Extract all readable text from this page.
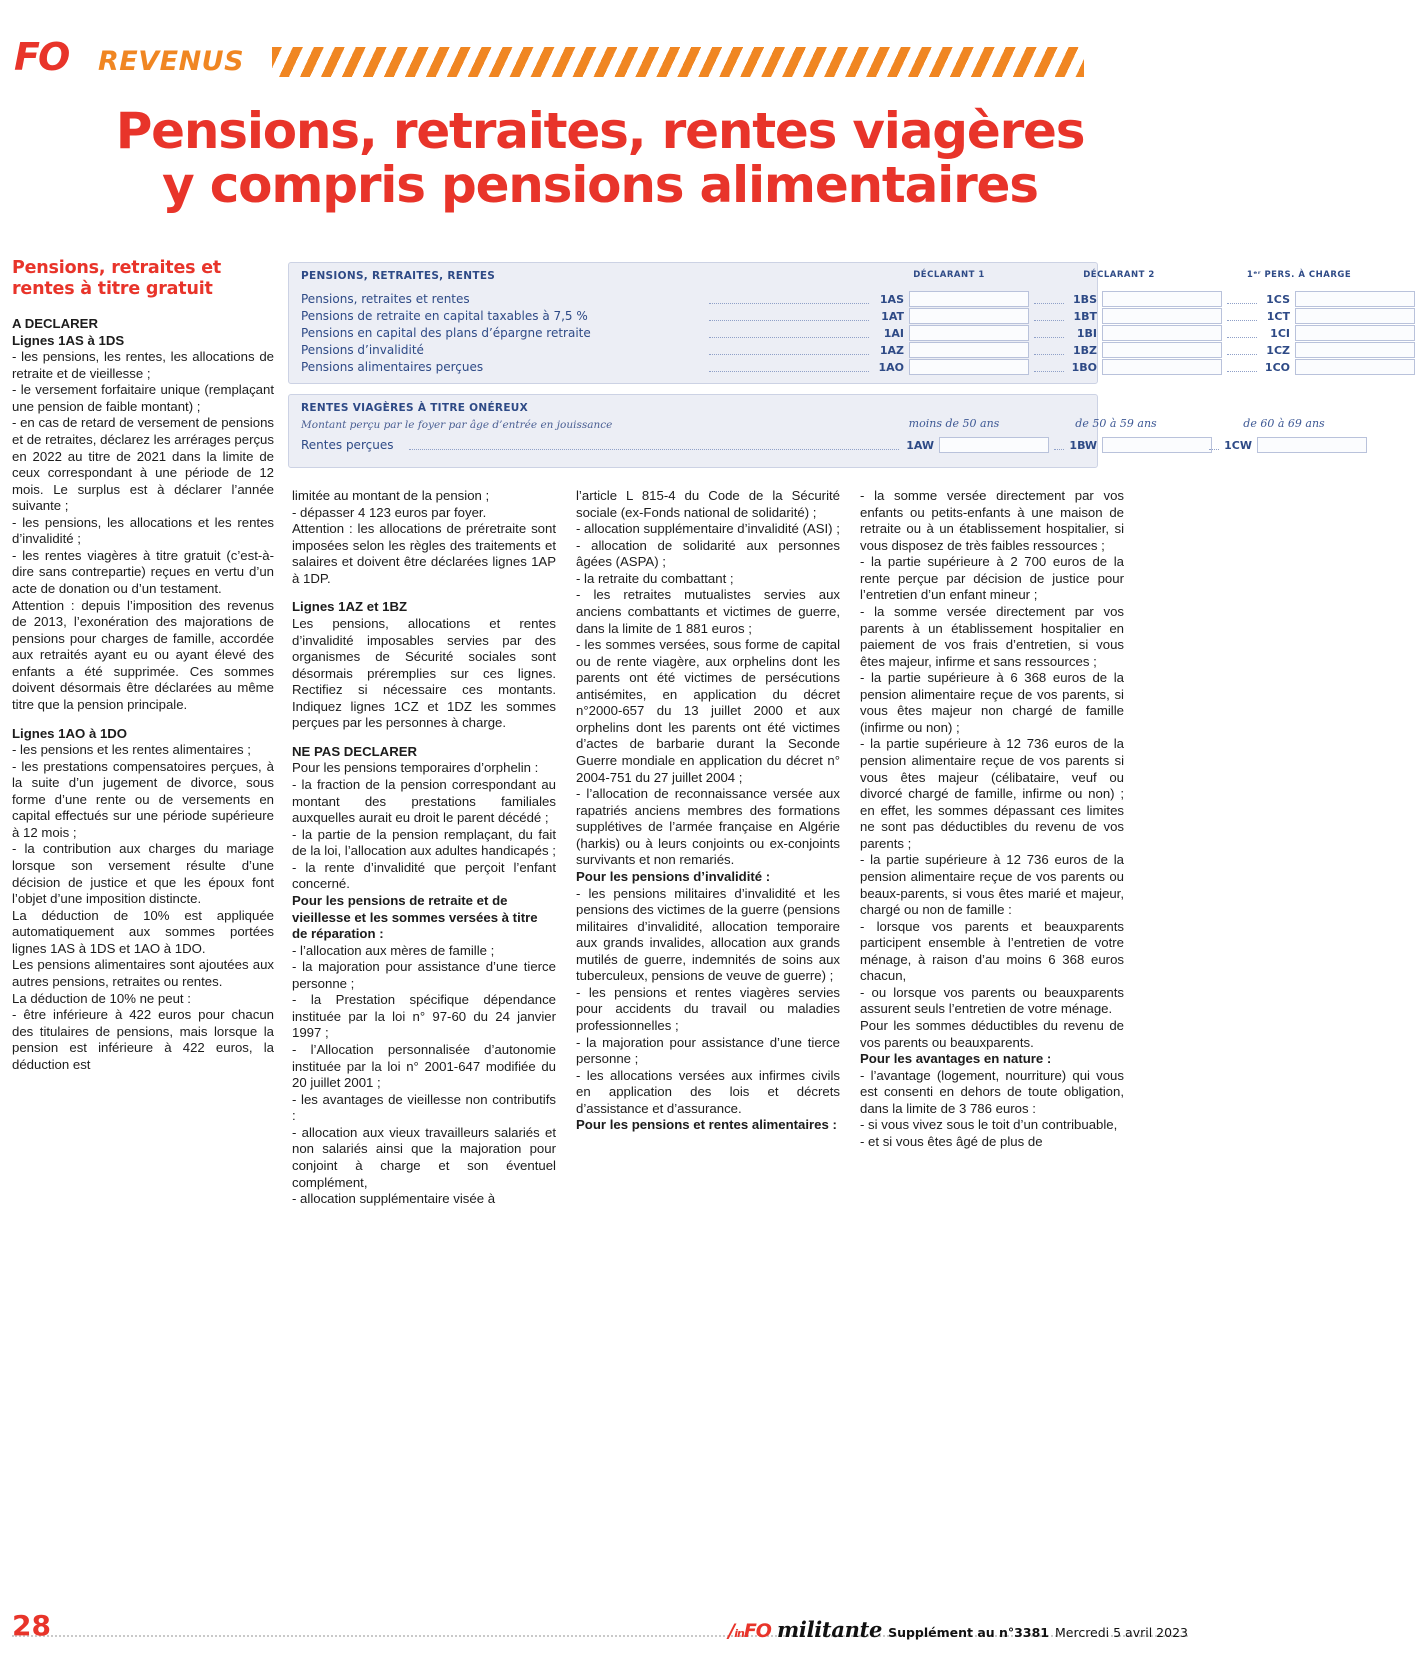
FO REVENUS
Pensions, retraites, rentes viagères
y compris pensions alimentaires
Pensions, retraites et
rentes à titre gratuit
PENSIONS, RETRAITES, RENTES	DÉCLARANT 1	DÉCLARANT 2	1ᵉʳ PERS. À CHARGE
Pensions, retraites et rentes	1AS	1BS	1CS
Pensions de retraite en capital taxables à 7,5 %	1AT	1BT	1CT
Pensions en capital des plans d’épargne retraite	1AI	1BI	1CI
Pensions d’invalidité	1AZ	1BZ	1CZ
Pensions alimentaires perçues	1AO	1BO	1CO
RENTES VIAGÈRES À TITRE ONÉREUX
Montant perçu par le foyer par âge d’entrée en jouissance	moins de 50 ans	de 50 à 59 ans	de 60 à 69 ans
Rentes perçues	1AW	1BW	1CW

A DECLARER

Lignes 1AS à 1DS

- les pensions, les rentes, les allocations de retraite et de vieillesse ;

- le versement forfaitaire unique (remplaçant une pension de faible montant) ;

- en cas de retard de versement de pensions et de retraites, déclarez les arrérages perçus en 2022 au titre de 2021 dans la limite de ceux correspondant à une période de 12 mois. Le surplus est à déclarer l’année suivante ;

- les pensions, les allocations et les rentes d’invalidité ;

- les rentes viagères à titre gratuit (c’est-à-dire sans contrepartie) reçues en vertu d’un acte de donation ou d’un testament.

Attention : depuis l’imposition des revenus de 2013, l’exonération des majorations de pensions pour charges de famille, accordée aux retraités ayant eu ou ayant élevé des enfants a été supprimée. Ces sommes doivent désormais être déclarées au même titre que la pension principale.

Lignes 1AO à 1DO

- les pensions et les rentes alimentaires ;

- les prestations compensatoires perçues, à la suite d’un jugement de divorce, sous forme d’une rente ou de versements en capital effectués sur une période supérieure à 12 mois ;

- la contribution aux charges du mariage lorsque son versement résulte d’une décision de justice et que les époux font l’objet d’une imposition distincte.

La déduction de 10% est appliquée automatiquement aux sommes portées lignes 1AS à 1DS et 1AO à 1DO.

Les pensions alimentaires sont ajoutées aux autres pensions, retraites ou rentes.

La déduction de 10% ne peut :

- être inférieure à 422 euros pour chacun des titulaires de pensions, mais lorsque la pension est inférieure à 422 euros, la déduction est

limitée au montant de la pension ;

- dépasser 4 123 euros par foyer.

Attention : les allocations de préretraite sont imposées selon les règles des traitements et salaires et doivent être déclarées lignes 1AP à 1DP.

Lignes 1AZ et 1BZ

Les pensions, allocations et rentes d’invalidité imposables servies par des organismes de Sécurité sociales sont désormais préremplies sur ces lignes. Rectifiez si nécessaire ces montants. Indiquez lignes 1CZ et 1DZ les sommes perçues par les personnes à charge.

NE PAS DECLARER

Pour les pensions temporaires d’orphelin :

- la fraction de la pension correspondant au montant des prestations familiales auxquelles aurait eu droit le parent décédé ;

- la partie de la pension remplaçant, du fait de la loi, l’allocation aux adultes handicapés ;

- la rente d’invalidité que perçoit l’enfant concerné.

Pour les pensions de retraite et de vieillesse et les sommes versées à titre de réparation :

- l’allocation aux mères de famille ;

- la majoration pour assistance d’une tierce personne ;

- la Prestation spécifique dépendance instituée par la loi n° 97-60 du 24 janvier 1997 ;

- l’Allocation personnalisée d’autonomie instituée par la loi n° 2001-647 modifiée du 20 juillet 2001 ;

- les avantages de vieillesse non contributifs :

- allocation aux vieux travailleurs salariés et non salariés ainsi que la majoration pour conjoint à charge et son éventuel complément,

- allocation supplémentaire visée à

l’article L 815-4 du Code de la Sécurité sociale (ex-Fonds national de solidarité) ;

- allocation supplémentaire d’invalidité (ASI) ;

- allocation de solidarité aux personnes âgées (ASPA) ;

- la retraite du combattant ;

- les retraites mutualistes servies aux anciens combattants et victimes de guerre, dans la limite de 1 881 euros ;

- les sommes versées, sous forme de capital ou de rente viagère, aux orphelins dont les parents ont été victimes de persécutions antisémites, en application du décret n°2000-657 du 13 juillet 2000 et aux orphelins dont les parents ont été victimes d’actes de barbarie durant la Seconde Guerre mondiale en application du décret n° 2004-751 du 27 juillet 2004 ;

- l’allocation de reconnaissance versée aux rapatriés anciens membres des formations supplétives de l’armée française en Algérie (harkis) ou à leurs conjoints ou ex-conjoints survivants et non remariés.

Pour les pensions d’invalidité :

- les pensions militaires d’invalidité et les pensions des victimes de la guerre (pensions militaires d’invalidité, allocation temporaire aux grands invalides, allocation aux grands mutilés de guerre, indemnités de soins aux tuberculeux, pensions de veuve de guerre) ;

- les pensions et rentes viagères servies pour accidents du travail ou maladies professionnelles ;

- la majoration pour assistance d’une tierce personne ;

- les allocations versées aux infirmes civils en application des lois et décrets d’assistance et d’assurance.

Pour les pensions et rentes alimentaires :

- la somme versée directement par vos enfants ou petits-enfants à une maison de retraite ou à un établissement hospitalier, si vous disposez de très faibles ressources ;

- la partie supérieure à 2 700 euros de la rente perçue par décision de justice pour l’entretien d’un enfant mineur ;

- la somme versée directement par vos parents à un établissement hospitalier en paiement de vos frais d’entretien, si vous êtes majeur, infirme et sans ressources ;

- la partie supérieure à 6 368 euros de la pension alimentaire reçue de vos parents, si vous êtes majeur non chargé de famille (infirme ou non) ;

- la partie supérieure à 12 736 euros de la pension alimentaire reçue de vos parents si vous êtes majeur (célibataire, veuf ou divorcé chargé de famille, infirme ou non) ; en effet, les sommes dépassant ces limites ne sont pas déductibles du revenu de vos parents ;

- la partie supérieure à 12 736 euros de la pension alimentaire reçue de vos parents ou beaux-parents, si vous êtes marié et majeur, chargé ou non de famille :

- lorsque vos parents et beauxparents participent ensemble à l’entretien de votre ménage, à raison d’au moins 6 368 euros chacun,

- ou lorsque vos parents ou beauxparents assurent seuls l’entretien de votre ménage.

Pour les sommes déductibles du revenu de vos parents ou beauxparents.

Pour les avantages en nature :

- l’avantage (logement, nourriture) qui vous est consenti en dehors de toute obligation, dans la limite de 3 786 euros :

- si vous vivez sous le toit d’un contribuable,

- et si vous êtes âgé de plus de

28	/inFO militante Supplément au n°3381 Mercredi 5 avril 2023
